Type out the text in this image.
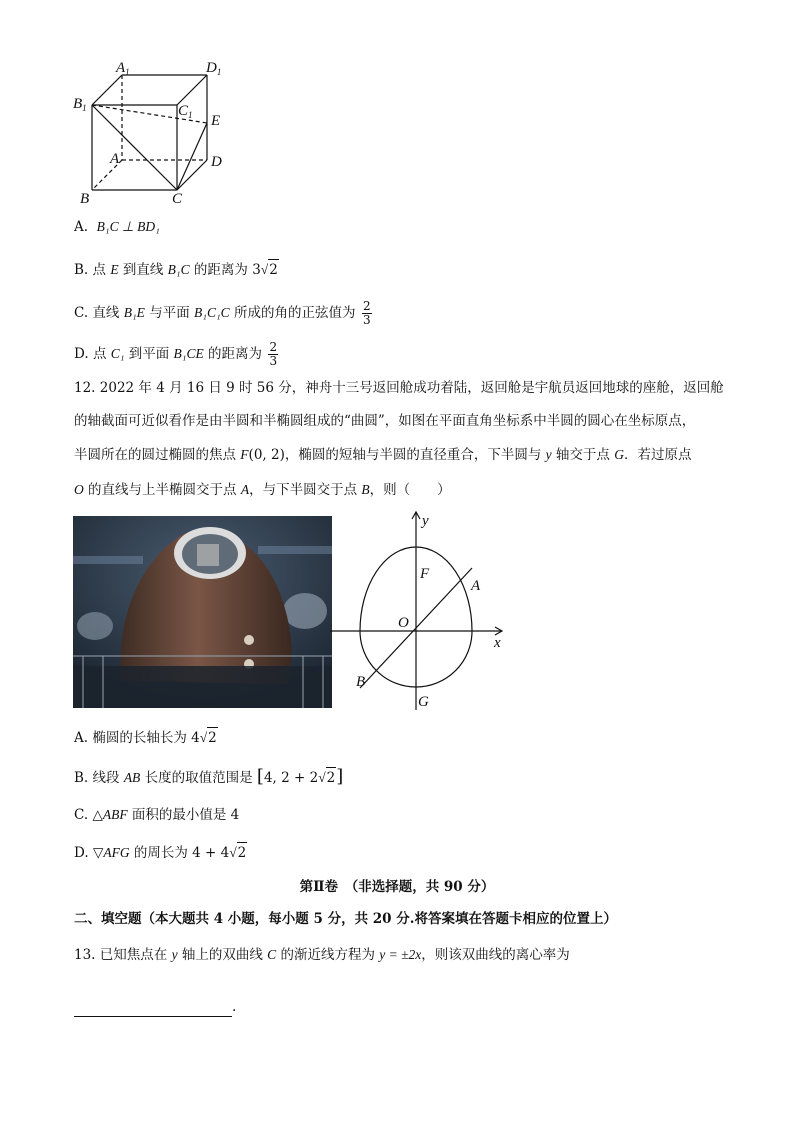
$A_1$	$D_1$
$B_1$	$C_1$ E
A	D
B	C
A. B₁C ⊥ BD₁
B. 点 E 到直线 B₁C 的距离为 3 √ 2
C. 直线 B₁E 与平面 B₁C₁C 所成的角的正弦值为 $\frac{2}{3}$
D. 点 C₁ 到平面 B₁CE 的距离为 $\frac{2}{3}$
12. 2022 年 4 月 16 日 9 时 56 分，神舟十三号返回舱成功着陆，返回舱是宇航员返回地球的座舱，返回舱
的轴截面可近似看作是由半圆和半椭圆组成的“曲圆”，如图在平面直角坐标系中半圆的圆心在坐标原点，
半圆所在的圆过椭圆的焦点 F(0, 2)，椭圆的短轴与半圆的直径重合，下半圆与 y 轴交于点 G．若过原点
O 的直线与上半椭圆交于点 A，与下半圆交于点 B，则（　　）
y
x
F
A
O
B
G
A. 椭圆的长轴长为 4 √ 2
B. 线段 AB 长度的取值范围是 [4, 2 + 2 √ 2 ]
C. △ABF 面积的最小值是 4
D. ▽AFG 的周长为 4 + 4 √ 2
第Ⅱ卷　（非选择题，共 90 分）
二、填空题（本大题共 4 小题，每小题 5 分，共 20 分.将答案填在答题卡相应的位置上）
13. 已知焦点在 y 轴上的双曲线 C 的渐近线方程为 y = ±2x，则该双曲线的离心率为
.
